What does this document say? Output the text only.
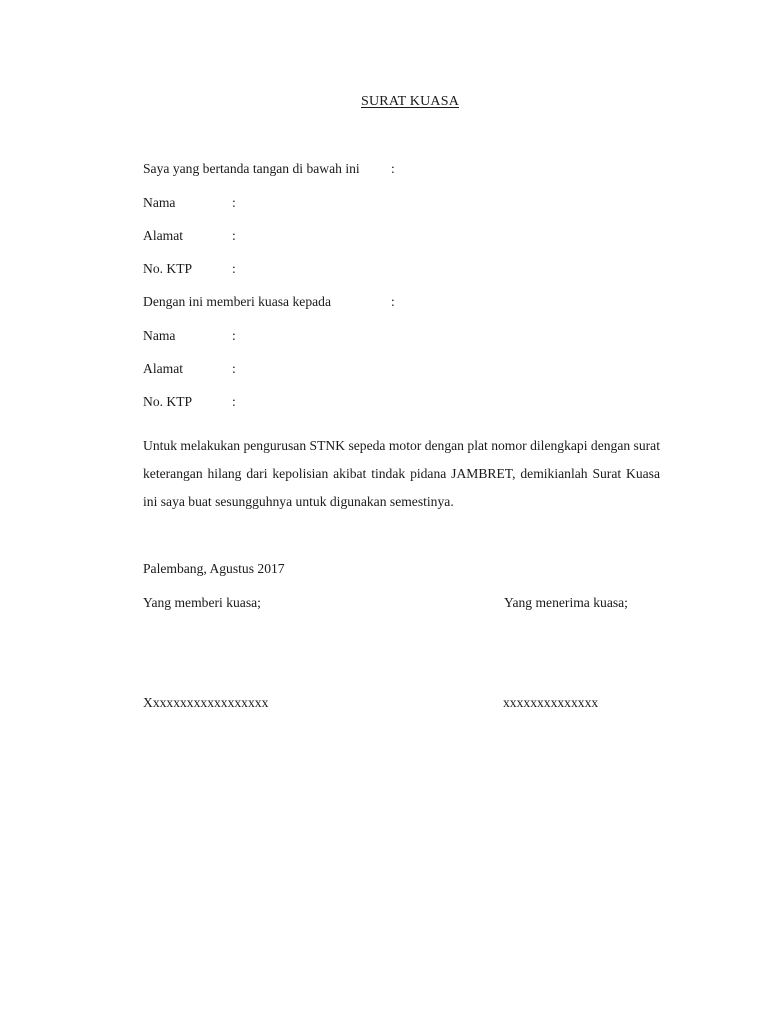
SURAT KUASA
Saya yang bertanda tangan di bawah ini :
Nama	:
Alamat	:
No. KTP	:
Dengan ini memberi kuasa kepada	:
Nama	:
Alamat	:
No. KTP	:
Untuk melakukan pengurusan STNK sepeda motor dengan plat nomor dilengkapi dengan surat keterangan hilang dari kepolisian akibat tindak pidana JAMBRET, demikianlah Surat Kuasa ini saya buat sesungguhnya untuk digunakan semestinya.
Palembang, Agustus 2017
Yang memberi kuasa;	Yang menerima kuasa;
Xxxxxxxxxxxxxxxxxx	xxxxxxxxxxxxxx
